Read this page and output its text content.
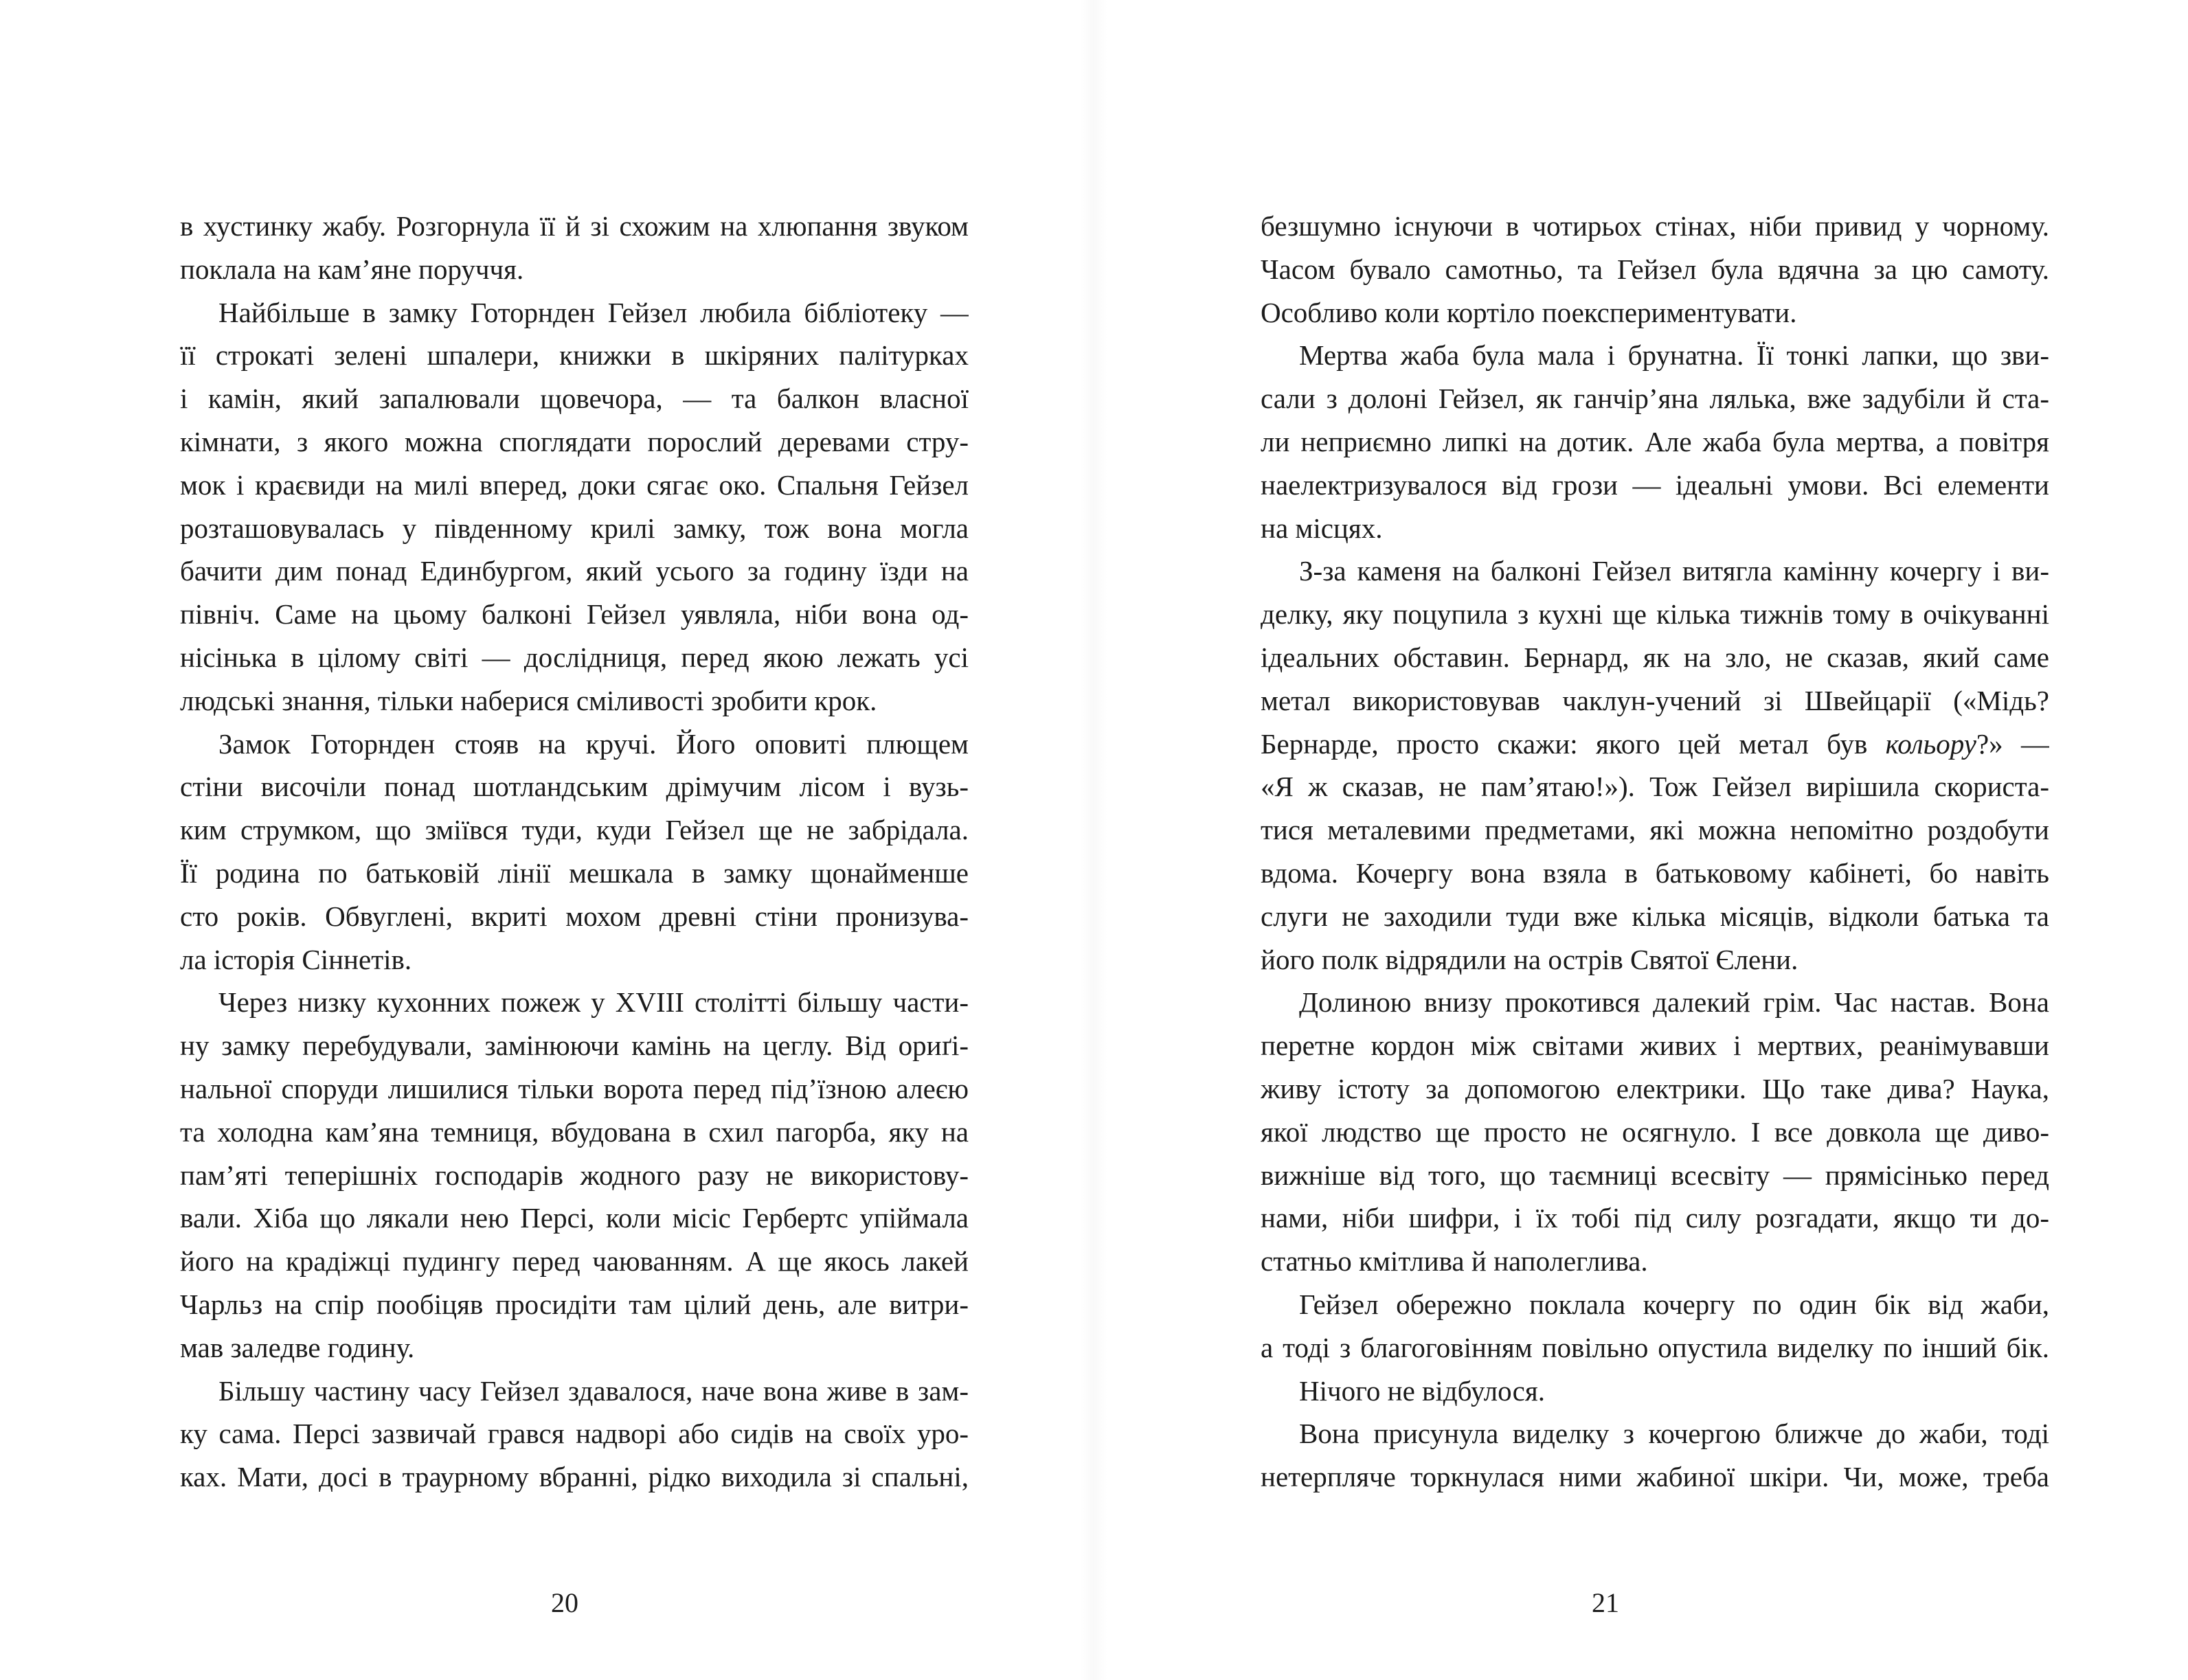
в хустинку жабу. Розгорнула її й зі схожим на хлюпання звуком
поклала на кам’яне поруччя.
Найбільше в замку Готорнден Гейзел любила бібліотеку —
її строкаті зелені шпалери, книжки в шкіряних палітурках
і камін, який запалювали щовечора, — та балкон власної
кімнати, з якого можна споглядати порослий деревами стру-
мок і краєвиди на милі вперед, доки сягає око. Спальня Гейзел
розташовувалась у південному крилі замку, тож вона могла
бачити дим понад Единбургом, який усього за годину їзди на
північ. Саме на цьому балконі Гейзел уявляла, ніби вона од-
нісінька в цілому світі — дослідниця, перед якою лежать усі
людські знання, тільки наберися сміливості зробити крок.
Замок Готорнден стояв на кручі. Його оповиті плющем
стіни височіли понад шотландським дрімучим лісом і вузь-
ким струмком, що зміївся туди, куди Гейзел ще не забрідала.
Її родина по батьковій лінії мешкала в замку щонайменше
сто років. Обвуглені, вкриті мохом древні стіни пронизува-
ла історія Сіннетів.
Через низку кухонних пожеж у XVIII столітті більшу части-
ну замку перебудували, замінюючи камінь на цеглу. Від ориґі-
нальної споруди лишилися тільки ворота перед під’їзною алеєю
та холодна кам’яна темниця, вбудована в схил пагорба, яку на
пам’яті теперішніх господарів жодного разу не використову-
вали. Хіба що лякали нею Персі, коли місіс Гербертс упіймала
його на крадіжці пудингу перед чаюванням. А ще якось лакей
Чарльз на спір пообіцяв просидіти там цілий день, але витри-
мав заледве годину.
Більшу частину часу Гейзел здавалося, наче вона живе в зам-
ку сама. Персі зазвичай грався надворі або сидів на своїх уро-
ках. Мати, досі в траурному вбранні, рідко виходила зі спальні,
20
безшумно існуючи в чотирьох стінах, ніби привид у чорному.
Часом бувало самотньо, та Гейзел була вдячна за цю самоту.
Особливо коли кортіло поекспериментувати.
Мертва жаба була мала і брунатна. Її тонкі лапки, що зви-
сали з долоні Гейзел, як ганчір’яна лялька, вже задубіли й ста-
ли неприємно липкі на дотик. Але жаба була мертва, а повітря
наелектризувалося від грози — ідеальні умови. Всі елементи
на місцях.
З-за каменя на балконі Гейзел витягла камінну кочергу і ви-
делку, яку поцупила з кухні ще кілька тижнів тому в очікуванні
ідеальних обставин. Бернард, як на зло, не сказав, який саме
метал використовував чаклун-учений зі Швейцарії («Мідь?
Бернарде, просто скажи: якого цей метал був кольору?» —
«Я ж сказав, не пам’ятаю!»). Тож Гейзел вирішила скориста-
тися металевими предметами, які можна непомітно роздобути
вдома. Кочергу вона взяла в батьковому кабінеті, бо навіть
слуги не заходили туди вже кілька місяців, відколи батька та
його полк відрядили на острів Святої Єлени.
Долиною внизу прокотився далекий грім. Час настав. Вона
перетне кордон між світами живих і мертвих, реанімувавши
живу істоту за допомогою електрики. Що таке дива? Наука,
якої людство ще просто не осягнуло. І все довкола ще диво-
вижніше від того, що таємниці всесвіту — прямісінько перед
нами, ніби шифри, і їх тобі під силу розгадати, якщо ти до-
статньо кмітлива й наполеглива.
Гейзел обережно поклала кочергу по один бік від жаби,
а тоді з благоговінням повільно опустила виделку по інший бік.
Нічого не відбулося.
Вона присунула виделку з кочергою ближче до жаби, тоді
нетерпляче торкнулася ними жабиної шкіри. Чи, може, треба
21
